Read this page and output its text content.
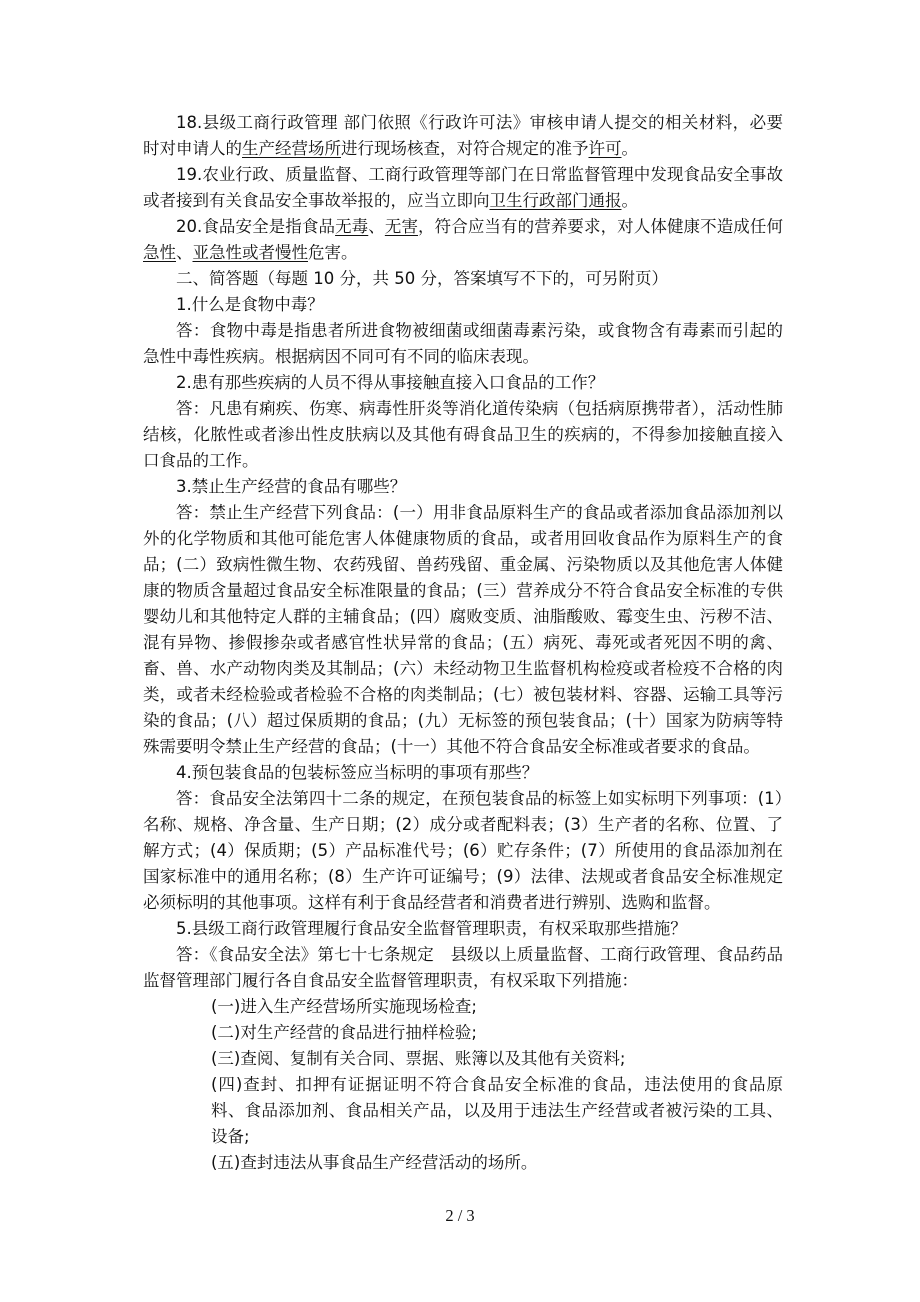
18.县级工商行政管理 部门依照《行政许可法》审核申请人提交的相关材料，必要时对申请人的生产经营场所进行现场核查，对符合规定的准予许可。

19.农业行政、质量监督、工商行政管理等部门在日常监督管理中发现食品安全事故或者接到有关食品安全事故举报的，应当立即向卫生行政部门通报。

20.食品安全是指食品无毒、无害，符合应当有的营养要求，对人体健康不造成任何急性、亚急性或者慢性危害。

二、简答题（每题 10 分，共 50 分，答案填写不下的，可另附页）

1.什么是食物中毒？

答：食物中毒是指患者所进食物被细菌或细菌毒素污染，或食物含有毒素而引起的急性中毒性疾病。根据病因不同可有不同的临床表现。

2.患有那些疾病的人员不得从事接触直接入口食品的工作？

答：凡患有痢疾、伤寒、病毒性肝炎等消化道传染病（包括病原携带者），活动性肺结核，化脓性或者渗出性皮肤病以及其他有碍食品卫生的疾病的，不得参加接触直接入口食品的工作。

3.禁止生产经营的食品有哪些？

答：禁止生产经营下列食品：(一）用非食品原料生产的食品或者添加食品添加剂以外的化学物质和其他可能危害人体健康物质的食品，或者用回收食品作为原料生产的食品；(二）致病性微生物、农药残留、兽药残留、重金属、污染物质以及其他危害人体健康的物质含量超过食品安全标准限量的食品；(三）营养成分不符合食品安全标准的专供婴幼儿和其他特定人群的主辅食品；(四）腐败变质、油脂酸败、霉变生虫、污秽不洁、混有异物、掺假掺杂或者感官性状异常的食品；(五）病死、毒死或者死因不明的禽、畜、兽、水产动物肉类及其制品；(六）未经动物卫生监督机构检疫或者检疫不合格的肉类，或者未经检验或者检验不合格的肉类制品；(七）被包装材料、容器、运输工具等污染的食品；(八）超过保质期的食品；(九）无标签的预包装食品；(十）国家为防病等特殊需要明令禁止生产经营的食品；(十一）其他不符合食品安全标准或者要求的食品。

4.预包装食品的包装标签应当标明的事项有那些？

答：食品安全法第四十二条的规定，在预包装食品的标签上如实标明下列事项：(1）名称、规格、净含量、生产日期；(2）成分或者配料表；(3）生产者的名称、位置、了解方式；(4）保质期；(5）产品标准代号；(6）贮存条件；(7）所使用的食品添加剂在国家标准中的通用名称；(8）生产许可证编号；(9）法律、法规或者食品安全标准规定必须标明的其他事项。这样有利于食品经营者和消费者进行辨别、选购和监督。

5.县级工商行政管理履行食品安全监督管理职责，有权采取那些措施？

答：《食品安全法》第七十七条规定　县级以上质量监督、工商行政管理、食品药品监督管理部门履行各自食品安全监督管理职责，有权采取下列措施：

(一)进入生产经营场所实施现场检查;

(二)对生产经营的食品进行抽样检验;

(三)查阅、复制有关合同、票据、账簿以及其他有关资料;

(四)查封、扣押有证据证明不符合食品安全标准的食品，违法使用的食品原料、食品添加剂、食品相关产品，以及用于违法生产经营或者被污染的工具、设备;

(五)查封违法从事食品生产经营活动的场所。

2 / 3
